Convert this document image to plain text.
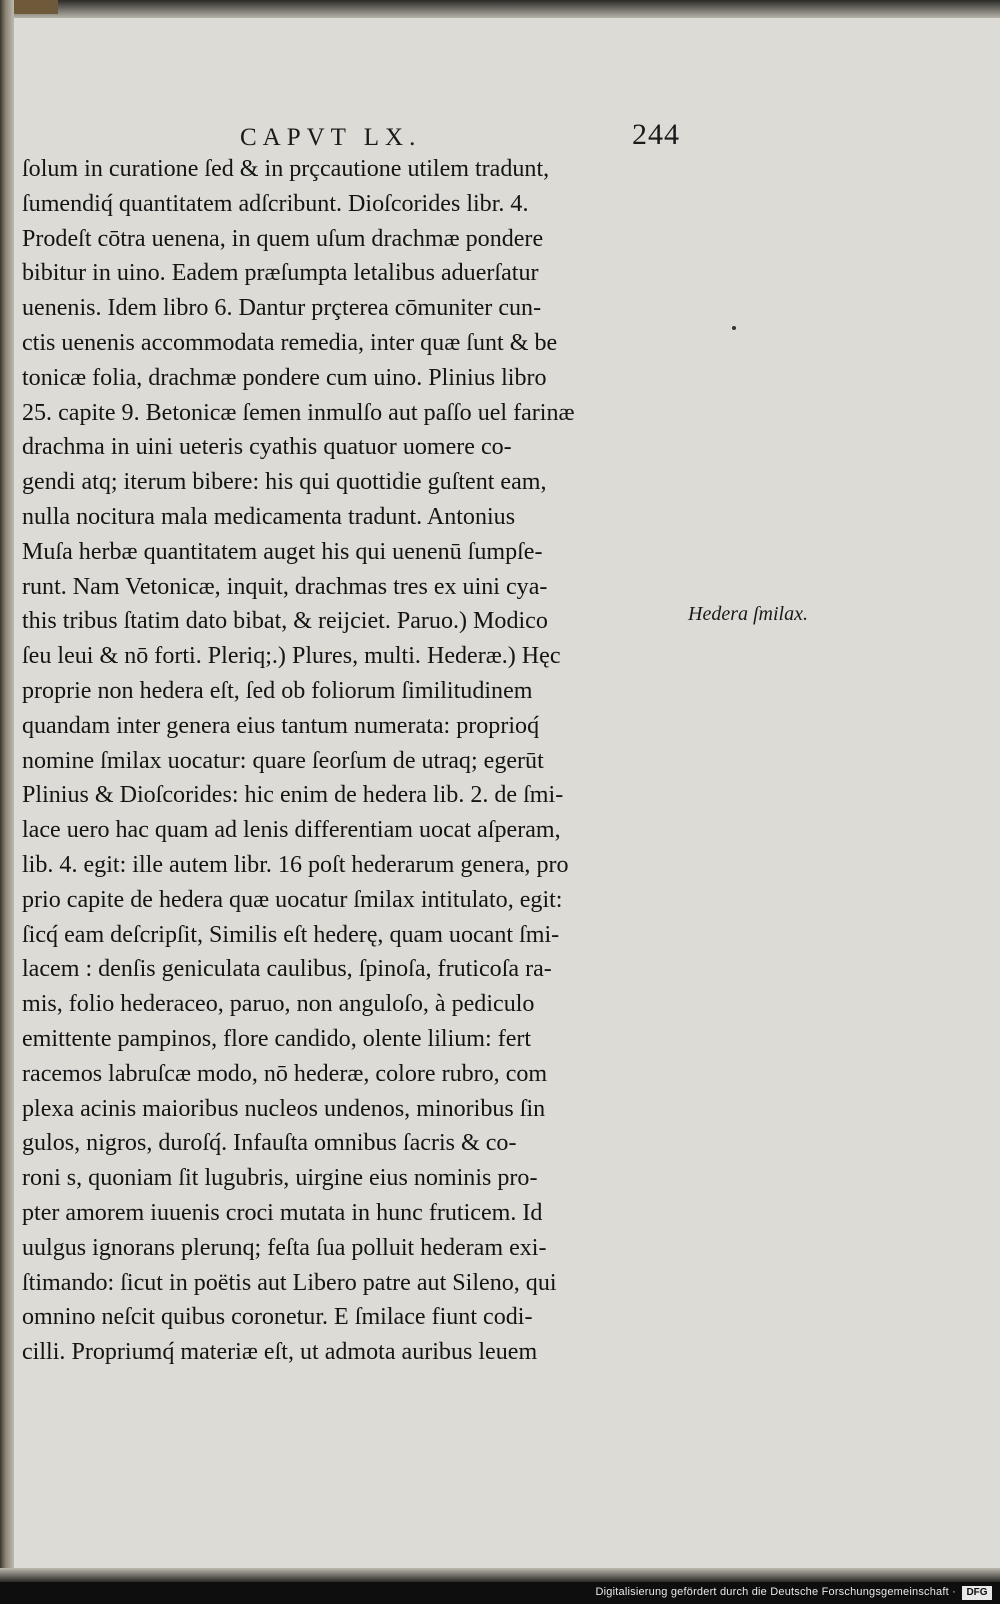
CAPVT LX.	244
ſolum in curatione ſed & in prçcautione utilem tradunt,
ſumendiq́ quantitatem adſcribunt. Dioſcorides libr. 4.
Prodeſt cōtra uenena, in quem uſum drachmæ pondere
bibitur in uino. Eadem præſumpta letalibus aduerſatur
uenenis. Idem libro 6. Dantur prçterea cōmuniter cun-
ctis uenenis accommodata remedia, inter quæ ſunt & be
tonicæ folia, drachmæ pondere cum uino. Plinius libro
25. capite 9. Betonicæ ſemen inmulſo aut paſſo uel farinæ
drachma in uini ueteris cyathis quatuor uomere co-
gendi atq; iterum bibere: his qui quottidie guſtent eam,
nulla nocitura mala medicamenta tradunt. Antonius
Muſa herbæ quantitatem auget his qui uenenū ſumpſe-
runt. Nam Vetonicæ, inquit, drachmas tres ex uini cya-
this tribus ſtatim dato bibat, & reijciet. Paruo.) Modico
ſeu leui & nō forti. Pleriq;.) Plures, multi. Hederæ.) Hęc
proprie non hedera eſt, ſed ob foliorum ſimilitudinem
quandam inter genera eius tantum numerata: proprioq́
nomine ſmilax uocatur: quare ſeorſum de utraq; egerūt
Plinius & Dioſcorides: hic enim de hedera lib. 2. de ſmi-
lace uero hac quam ad lenis differentiam uocat aſperam,
lib. 4. egit: ille autem libr. 16 poſt hederarum genera, pro
prio capite de hedera quæ uocatur ſmilax intitulato, egit:
ſicq́ eam deſcripſit, Similis eſt hederę, quam uocant ſmi-
lacem : denſis geniculata caulibus, ſpinoſa, fruticoſa ra-
mis, folio hederaceo, paruo, non anguloſo, à pediculo
emittente pampinos, flore candido, olente lilium: fert
racemos labruſcæ modo, nō hederæ, colore rubro, com
plexa acinis maioribus nucleos undenos, minoribus ſin
gulos, nigros, duroſq́. Infauſta omnibus ſacris & co-
roni s, quoniam ſit lugubris, uirgine eius nominis pro-
pter amorem iuuenis croci mutata in hunc fruticem. Id
uulgus ignorans plerunq; feſta ſua polluit hederam exi-
ſtimando: ſicut in poëtis aut Libero patre aut Sileno, qui
omnino neſcit quibus coronetur. E ſmilace fiunt codi-
cilli. Propriumq́ materiæ eſt, ut admota auribus leuem
Hedera ſmilax.
Digitalisierung gefördert durch die Deutsche Forschungsgemeinschaft ·	DFG
